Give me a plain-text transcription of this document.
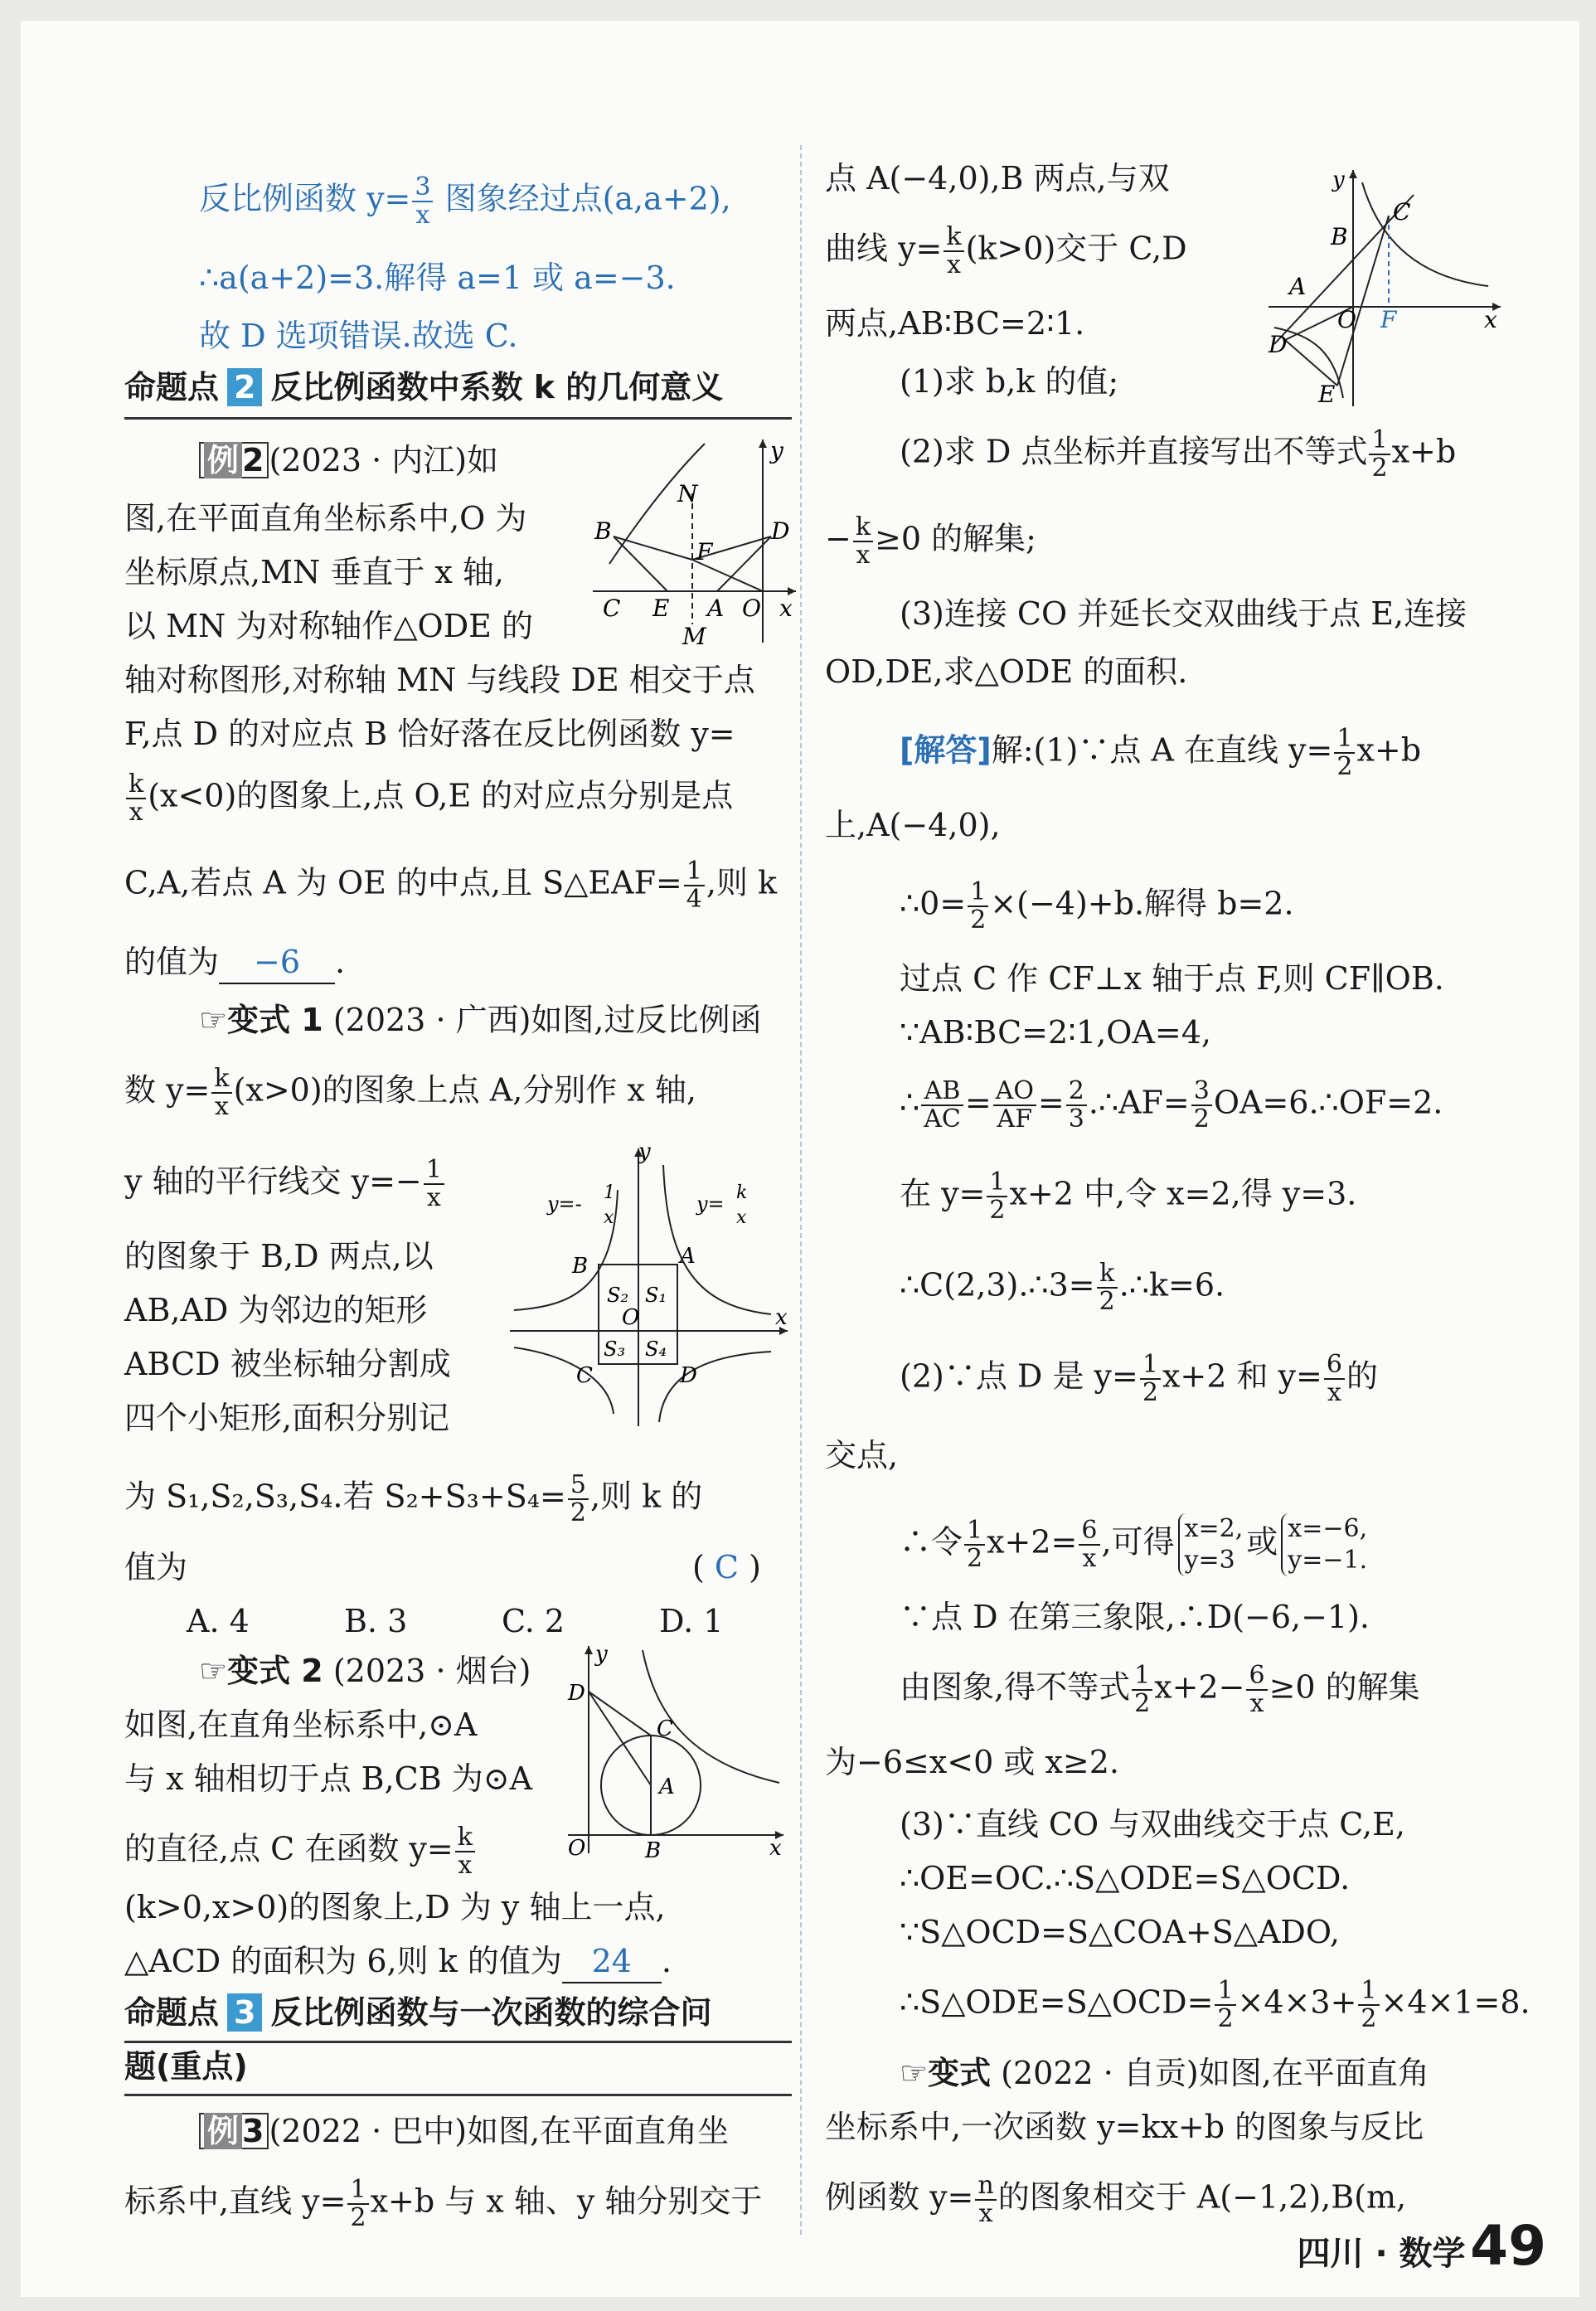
反比例函数 $y= \frac{3}{x}$ 图象经过点(a,a+2),
∴a(a+2)=3.解得 a=1 或 a=−3.
故 D 选项错误.故选 C.
命题点 2 反比例函数中系数 k 的几何意义
例 2 (2023 · 内江)如
图,在平面直角坐标系中,O 为
坐标原点,MN 垂直于 x 轴,
以 MN 为对称轴作△ODE 的
轴对称图形,对称轴 MN 与线段 DE 相交于点
F,点 D 的对应点 B 恰好落在反比例函数 y=
$\frac{k}{x} (x<0)$的图象上,点 O,E 的对应点分别是点
C,A,若点 A 为 OE 的中点,且 S△EAF= $\frac{1}{4}$ ,则 k
的值为 −6 .
y
N
B	D
F
C E A O x
M
☞变式 1 (2023 · 广西)如图,过反比例函
数 $y= \frac{k}{x} (x>0)$的图象上点 A,分别作 x 轴,
y 轴的平行线交 $y=- \frac{1}{x}$
的图象于 B,D 两点,以
AB,AD 为邻边的矩形
ABCD 被坐标轴分割成
四个小矩形,面积分别记
为 S₁,S₂,S₃,S₄.若 $S_2+S_3+S_4= \frac{5}{2}$ ,则 k 的
值为	( C )
A. 4	B. 3	C. 2	D. 1
y
y=- 1
x
y= k
x
B	A
S₂ S₁
O
S₃ S₄
x
C	D
☞变式 2 (2023 · 烟台)
如图,在直角坐标系中,⊙A
与 x 轴相切于点 B,CB 为⊙A
的直径,点 C 在函数 $y= \frac{k}{x}$
(k>0,x>0)的图象上,D 为 y 轴上一点,
△ACD 的面积为 6,则 k 的值为 24 .
y
D
C
A
O	B	x
命题点 3 反比例函数与一次函数的综合问
题(重点)
例 3 (2022 · 巴中)如图,在平面直角坐
标系中,直线 $y= \frac{1}{2} x+b$ 与 x 轴、y 轴分别交于
点 A(−4,0),B 两点,与双
曲线 $y= \frac{k}{x} (k>0)$交于 C,D
两点,AB∶BC=2∶1.
y
C
B
A
O F	x
D
E
(1)求 b,k 的值;
(2)求 D 点坐标并直接写出不等式 $\frac{1}{2} x+b$
− $\frac{k}{x} \ge 0$ 的解集;
(3)连接 CO 并延长交双曲线于点 E,连接
OD,DE,求△ODE 的面积.
[解答]解:(1)∵点 A 在直线 $y= \frac{1}{2} x+b$
上,A(−4,0),
∴0= $\frac{1}{2} \times(-4)+b$.解得 b=2.
过点 C 作 CF⊥x 轴于点 F,则 CF∥OB.
∵AB∶BC=2∶1,OA=4,
∴ $\frac{AB}{AC} = \frac{AO}{AF} = \frac{2}{3}$ .∴AF= $\frac{3}{2}$ OA=6.∴OF=2.
在 $y= \frac{1}{2} x+2$ 中,令 x=2,得 y=3.
∴C(2,3).∴3= $\frac{k}{2}$ .∴k=6.
(2)∵点 D 是 $y= \frac{1}{2} x+2$ 和 $y= \frac{6}{x}$ 的
交点,
∴令 $\frac{1}{2} x+2= \frac{6}{x}$ ,可得 x=2,
y=3 或 x=−6,
y=−1.
∵点 D 在第三象限,∴D(−6,−1).
由图象,得不等式 $\frac{1}{2} x+2- \frac{6}{x} \ge 0$ 的解集
为−6≤x<0 或 x≥2.
(3)∵直线 CO 与双曲线交于点 C,E,
∴OE=OC.∴S△ODE=S△OCD.
∵S△OCD=S△COA+S△ADO,
∴S△ODE=S△OCD= $\frac{1}{2} \times 4\times 3+ \frac{1}{2} \times 4\times 1=8$.
☞变式 (2022 · 自贡)如图,在平面直角
坐标系中,一次函数 y=kx+b 的图象与反比
例函数 $y= \frac{n}{x}$ 的图象相交于 A(−1,2),B(m,
四川 · 数学 49
